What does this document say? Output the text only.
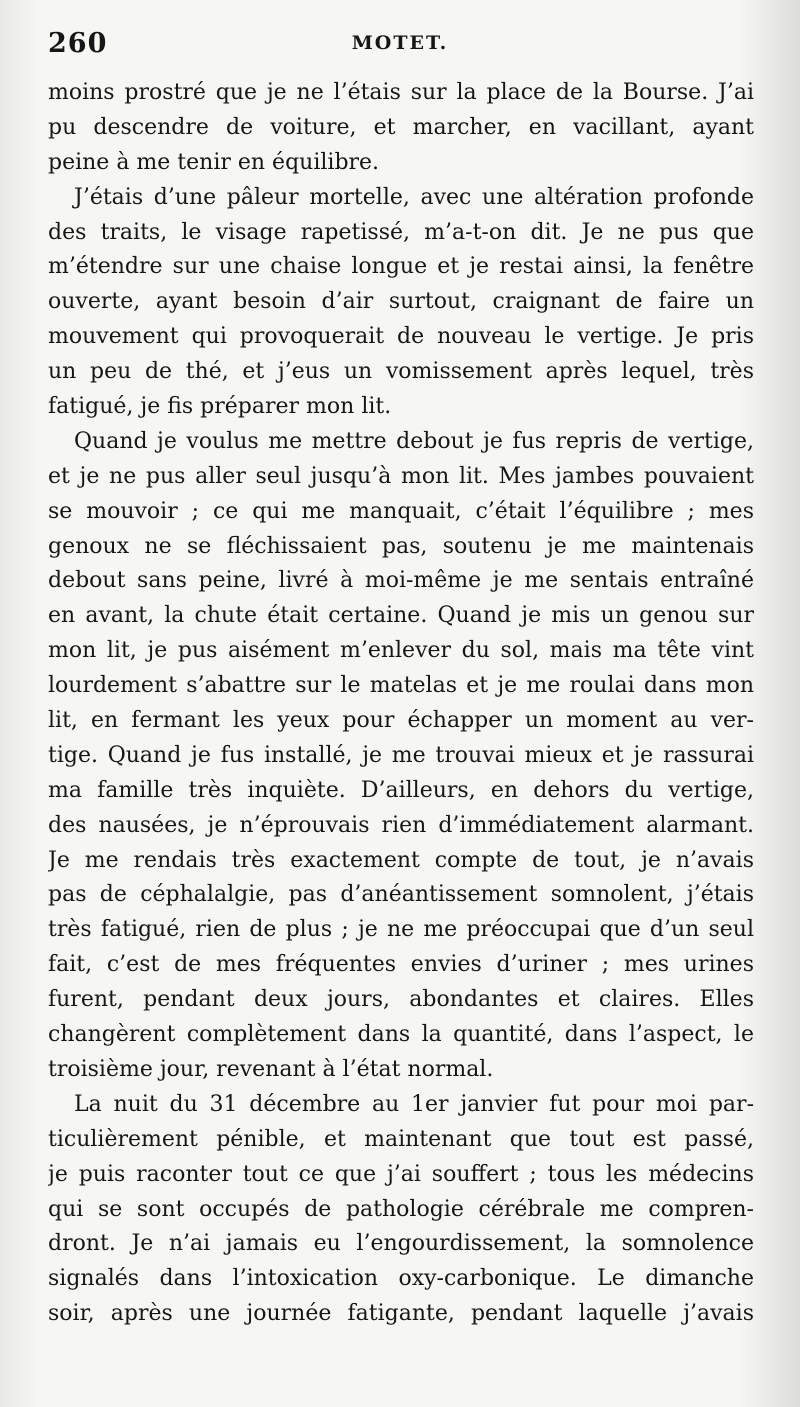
260	MOTET.
moins prostré que je ne l’étais sur la place de la Bourse. J’ai
pu descendre de voiture, et marcher, en vacillant, ayant
peine à me tenir en équilibre.
J’étais d’une pâleur mortelle, avec une altération profonde
des traits, le visage rapetissé, m’a-t-on dit. Je ne pus que
m’étendre sur une chaise longue et je restai ainsi, la fenêtre
ouverte, ayant besoin d’air surtout, craignant de faire un
mouvement qui provoquerait de nouveau le vertige. Je pris
un peu de thé, et j’eus un vomissement après lequel, très
fatigué, je fis préparer mon lit.
Quand je voulus me mettre debout je fus repris de vertige,
et je ne pus aller seul jusqu’à mon lit. Mes jambes pouvaient
se mouvoir ; ce qui me manquait, c’était l’équilibre ; mes
genoux ne se fléchissaient pas, soutenu je me maintenais
debout sans peine, livré à moi-même je me sentais entraîné
en avant, la chute était certaine. Quand je mis un genou sur
mon lit, je pus aisément m’enlever du sol, mais ma tête vint
lourdement s’abattre sur le matelas et je me roulai dans mon
lit, en fermant les yeux pour échapper un moment au ver-
tige. Quand je fus installé, je me trouvai mieux et je rassurai
ma famille très inquiète. D’ailleurs, en dehors du vertige,
des nausées, je n’éprouvais rien d’immédiatement alarmant.
Je me rendais très exactement compte de tout, je n’avais
pas de céphalalgie, pas d’anéantissement somnolent, j’étais
très fatigué, rien de plus ; je ne me préoccupai que d’un seul
fait, c’est de mes fréquentes envies d’uriner ; mes urines
furent, pendant deux jours, abondantes et claires. Elles
changèrent complètement dans la quantité, dans l’aspect, le
troisième jour, revenant à l’état normal.
La nuit du 31 décembre au 1er janvier fut pour moi par-
ticulièrement pénible, et maintenant que tout est passé,
je puis raconter tout ce que j’ai souffert ; tous les médecins
qui se sont occupés de pathologie cérébrale me compren-
dront. Je n’ai jamais eu l’engourdissement, la somnolence
signalés dans l’intoxication oxy-carbonique. Le dimanche
soir, après une journée fatigante, pendant laquelle j’avais
